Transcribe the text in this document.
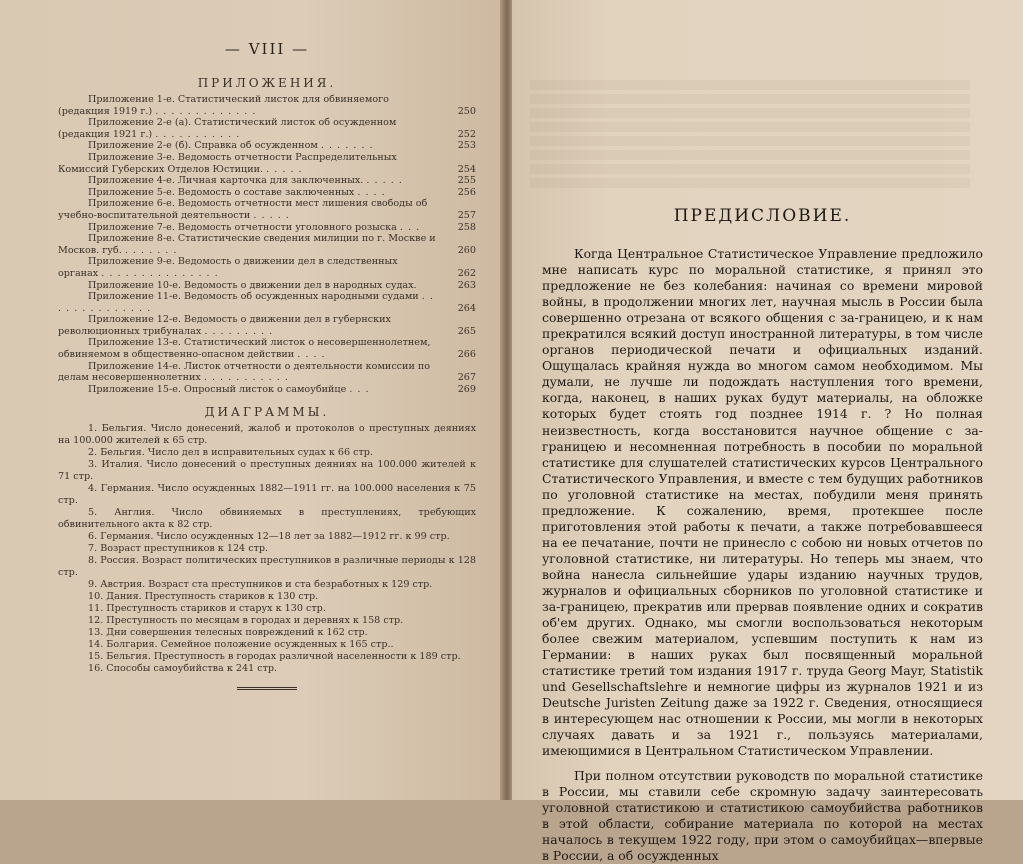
— VIII —
ПРИЛОЖЕНИЯ.
Приложение 1-е. Статистический листок для обвиняемого (редакция 1919 г.) . . . . . . . . . . . . .	250
Приложение 2-е (а). Статистический листок об осужденном (редакция 1921 г.) . . . . . . . . . . .	252
Приложение 2-е (б). Справка об осужденном . . . . . . .	253
Приложение 3-е. Ведомость отчетности Распределительных Комиссий Губерских Отделов Юстиции. . . . . .	254
Приложение 4-е. Личная карточка для заключенных. . . . . .	255
Приложение 5-е. Ведомость о составе заключенных . . . .	256
Приложение 6-е. Ведомость отчетности мест лишения свободы об учебно-воспитательной деятельности . . . . .	257
Приложение 7-е. Ведомость отчетности уголовного розыска . . .	258
Приложение 8-е. Статистические сведения милиции по г. Москве и Москов. губ. . . . . . . .	260
Приложение 9-е. Ведомость о движении дел в следственных органах . . . . . . . . . . . . . . .	262
Приложение 10-е. Ведомость о движении дел в народных судах.	263
Приложение 11-е. Ведомость об осужденных народными судами . . . . . . . . . . . . . .	264
Приложение 12-е. Ведомость о движении дел в губернских революционных трибуналах . . . . . . . . .	265
Приложение 13-е. Статистический листок о несовершеннолетнем, обвиняемом в общественно-опасном действии . . . .	266
Приложение 14-е. Листок отчетности о деятельности комиссии по делам несовершеннолетних . . . . . . . . . . .	267
Приложение 15-е. Опросный листок о самоубийце . . .	269
ДИАГРАММЫ.
1. Бельгия. Число донесений, жалоб и протоколов о преступных деяниях на 100.000 жителей к 65 стр.
2. Бельгия. Число дел в исправительных судах к 66 стр.
3. Италия. Число донесений о преступных деяниях на 100.000 жителей к 71 стр.
4. Германия. Число осужденных 1882—1911 гг. на 100.000 населения к 75 стр.
5. Англия. Число обвиняемых в преступлениях, требующих обвинительного акта к 82 стр.
6. Германия. Число осужденных 12—18 лет за 1882—1912 гг. к 99 стр.
7. Возраст преступников к 124 стр.
8. Россия. Возраст политических преступников в различные периоды к 128 стр.
9. Австрия. Возраст ста преступников и ста безработных к 129 стр.
10. Дания. Преступность стариков к 130 стр.
11. Преступность стариков и старух к 130 стр.
12. Преступность по месяцам в городах и деревнях к 158 стр.
13. Дни совершения телесных повреждений к 162 стр.
14. Болгария. Семейное положение осужденных к 165 стр..
15. Бельгия. Преступность в городах различной населенности к 189 стр.
16. Способы самоубийства к 241 стр.
ПРЕДИСЛОВИЕ.

Когда Центральное Статистическое Управление предложило мне написать курс по моральной статистике, я принял это предложение не без колебания: начиная со времени мировой войны, в продолжении многих лет, научная мысль в России была совершенно отрезана от всякого общения с за-границею, и к нам прекратился всякий доступ иностранной литературы, в том числе органов периодической печати и официальных изданий. Ощущалась крайняя нужда во многом самом необходимом. Мы думали, не лучше ли подождать наступления того времени, когда, наконец, в наших руках будут материалы, на обложке которых будет стоять год позднее 1914 г. ? Но полная неизвестность, когда восстановится научное общение с за-границею и несомненная потребность в пособии по моральной статистике для слушателей статистических курсов Центрального Статистического Управления, и вместе с тем будущих работников по уголовной статистике на местах, побудили меня принять предложение. К сожалению, время, протекшее после приготовления этой работы к печати, а также потребовавшееся на ее печатание, почти не принесло с собою ни новых отчетов по уголовной статистике, ни литературы. Но теперь мы знаем, что война нанесла сильнейшие удары изданию научных трудов, журналов и официальных сборников по уголовной статистике и за-границею, прекратив или прервав появление одних и сократив об'ем других. Однако, мы смогли воспользоваться некоторым более свежим материалом, успевшим поступить к нам из Германии: в наших руках был посвященный моральной статистике третий том издания 1917 г. труда Georg Mayr, Statistik und Gesellschaftslehre и немногие цифры из журналов 1921 и из Deutsche Juristen Zeitung даже за 1922 г. Сведения, относящиеся в интересующем нас отношении к России, мы могли в некоторых случаях давать и за 1921 г., пользуясь материалами, имеющимися в Центральном Статистическом Управлении.

При полном отсутствии руководств по моральной статистике в России, мы ставили себе скромную задачу заинтересовать уголовной статистикою и статистикою самоубийства работников в этой области, собирание материала по которой на местах началось в текущем 1922 году, при этом о самоубийцах—впервые в России, а об осужденных
